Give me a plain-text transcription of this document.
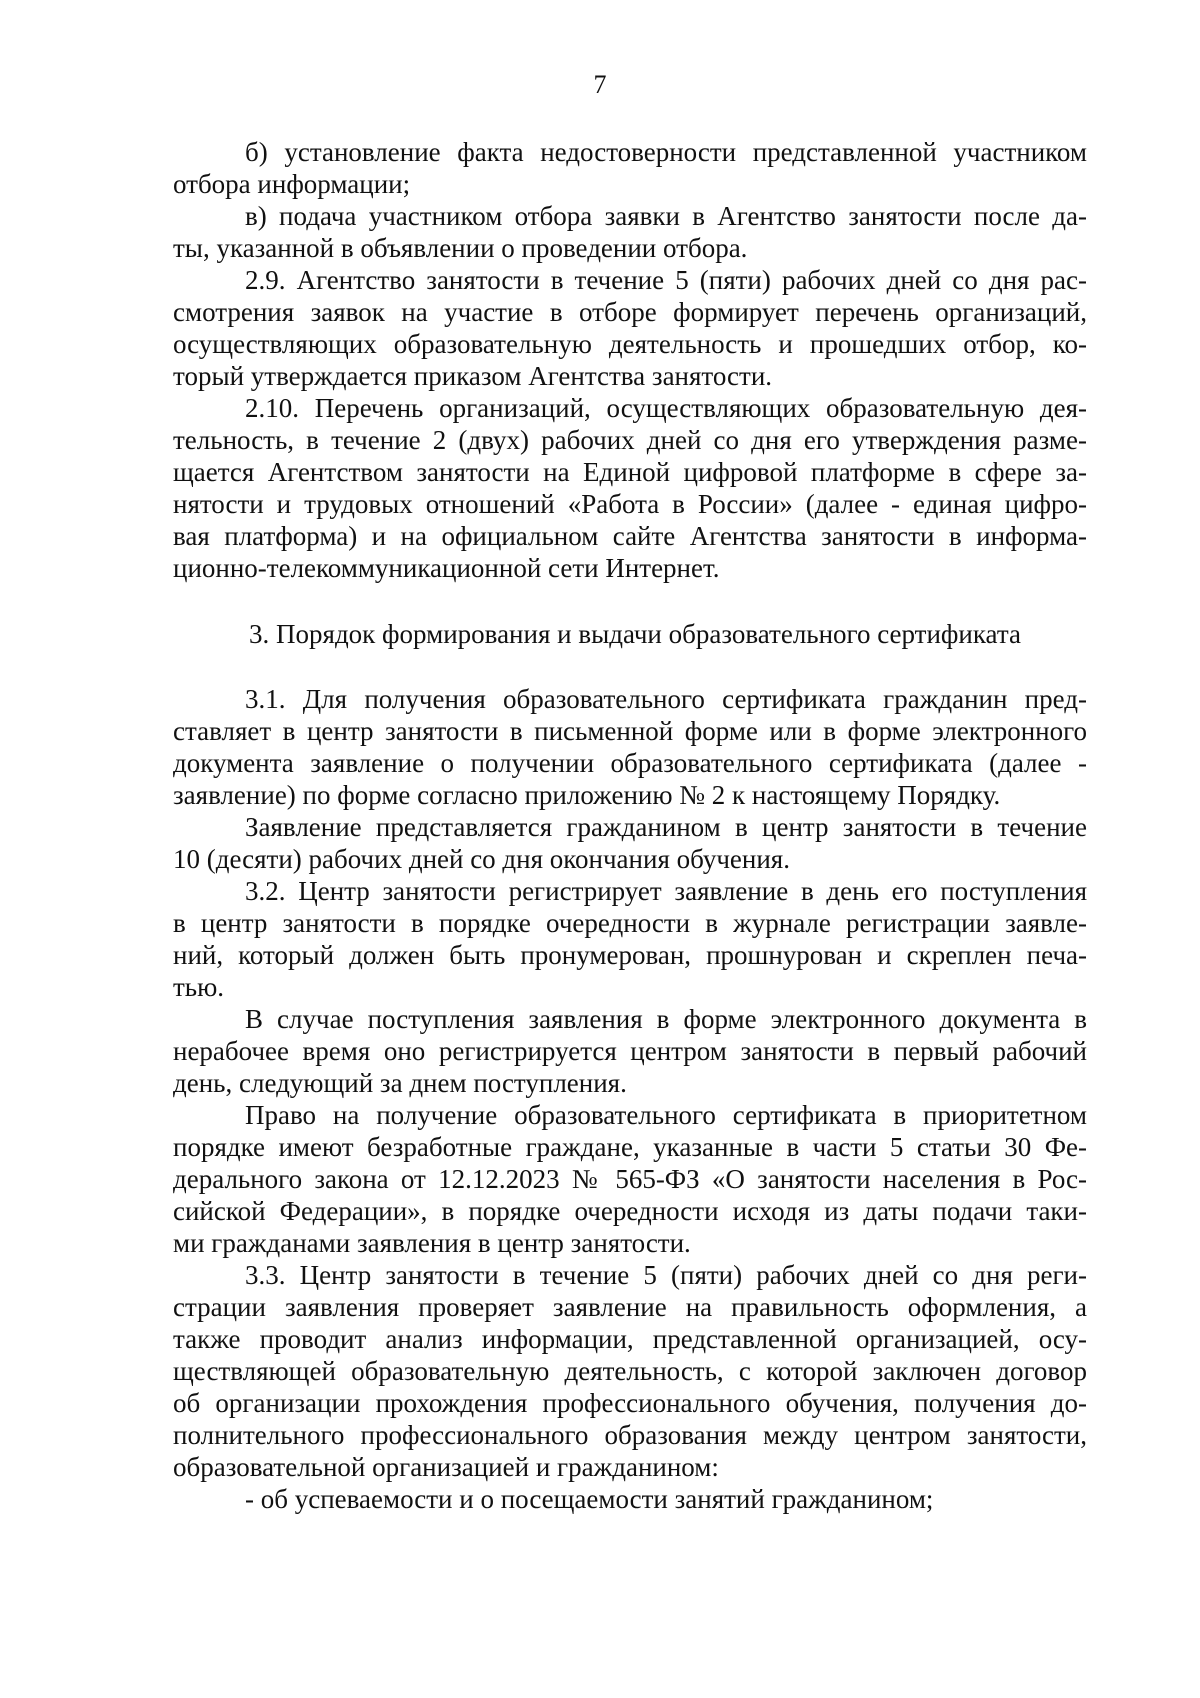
7

б) установление факта недостоверности представленной участником
отбора информации;

в) подача участником отбора заявки в Агентство занятости после да-
ты, указанной в объявлении о проведении отбора.

2.9. Агентство занятости в течение 5 (пяти) рабочих дней со дня рас-
смотрения заявок на участие в отборе формирует перечень организаций,
осуществляющих образовательную деятельность и прошедших отбор, ко-
торый утверждается приказом Агентства занятости.

2.10. Перечень организаций, осуществляющих образовательную дея-
тельность, в течение 2 (двух) рабочих дней со дня его утверждения разме-
щается Агентством занятости на Единой цифровой платформе в сфере за-
нятости и трудовых отношений «Работа в России» (далее - единая цифро-
вая платформа) и на официальном сайте Агентства занятости в информа-
ционно-телекоммуникационной сети Интернет.

3. Порядок формирования и выдачи образовательного сертификата

3.1. Для получения образовательного сертификата гражданин пред-
ставляет в центр занятости в письменной форме или в форме электронного
документа заявление о получении образовательного сертификата (далее -
заявление) по форме согласно приложению № 2 к настоящему Порядку.

Заявление представляется гражданином в центр занятости в течение
10 (десяти) рабочих дней со дня окончания обучения.

3.2. Центр занятости регистрирует заявление в день его поступления
в центр занятости в порядке очередности в журнале регистрации заявле-
ний, который должен быть пронумерован, прошнурован и скреплен печа-
тью.

В случае поступления заявления в форме электронного документа в
нерабочее время оно регистрируется центром занятости в первый рабочий
день, следующий за днем поступления.

Право на получение образовательного сертификата в приоритетном
порядке имеют безработные граждане, указанные в части 5 статьи 30 Фе-
дерального закона от 12.12.2023 № 565-ФЗ «О занятости населения в Рос-
сийской Федерации», в порядке очередности исходя из даты подачи таки-
ми гражданами заявления в центр занятости.

3.3. Центр занятости в течение 5 (пяти) рабочих дней со дня реги-
страции заявления проверяет заявление на правильность оформления, а
также проводит анализ информации, представленной организацией, осу-
ществляющей образовательную деятельность, с которой заключен договор
об организации прохождения профессионального обучения, получения до-
полнительного профессионального образования между центром занятости,
образовательной организацией и гражданином:

- об успеваемости и о посещаемости занятий гражданином;
